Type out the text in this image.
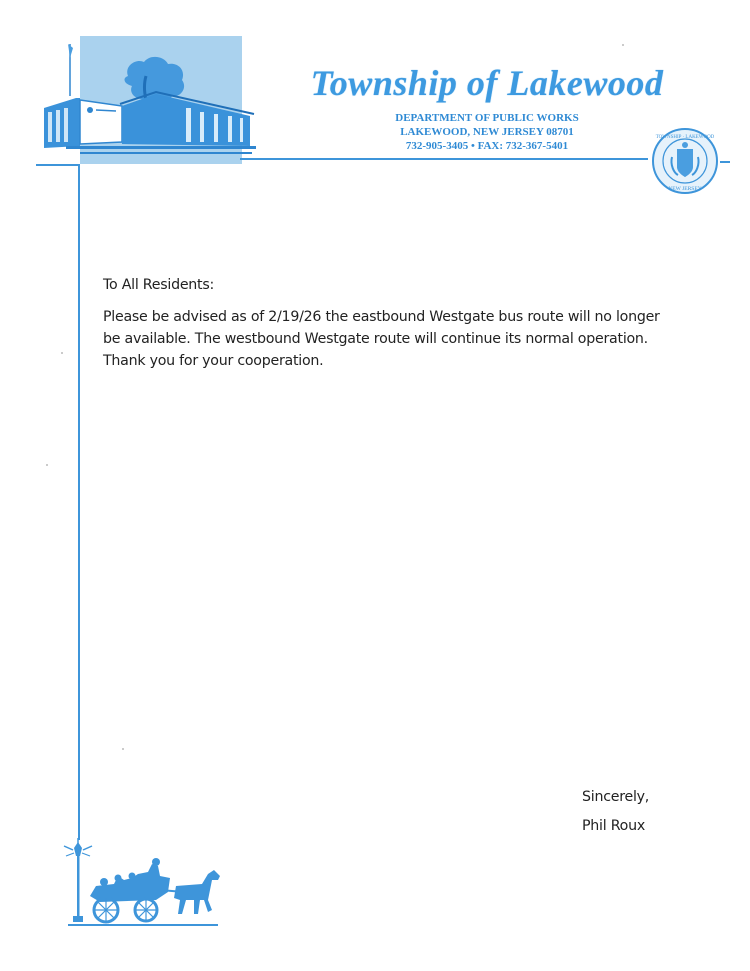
Township of Lakewood
DEPARTMENT OF PUBLIC WORKS
LAKEWOOD, NEW JERSEY 08701
732-905-3405 • FAX: 732-367-5401
TOWNSHIP · LAKEWOOD
NEW JERSEY
To All Residents:
Please be advised as of 2/19/26 the eastbound Westgate bus route will no longer be available. The westbound Westgate route will continue its normal operation. Thank you for your cooperation.
Sincerely,
Phil Roux
